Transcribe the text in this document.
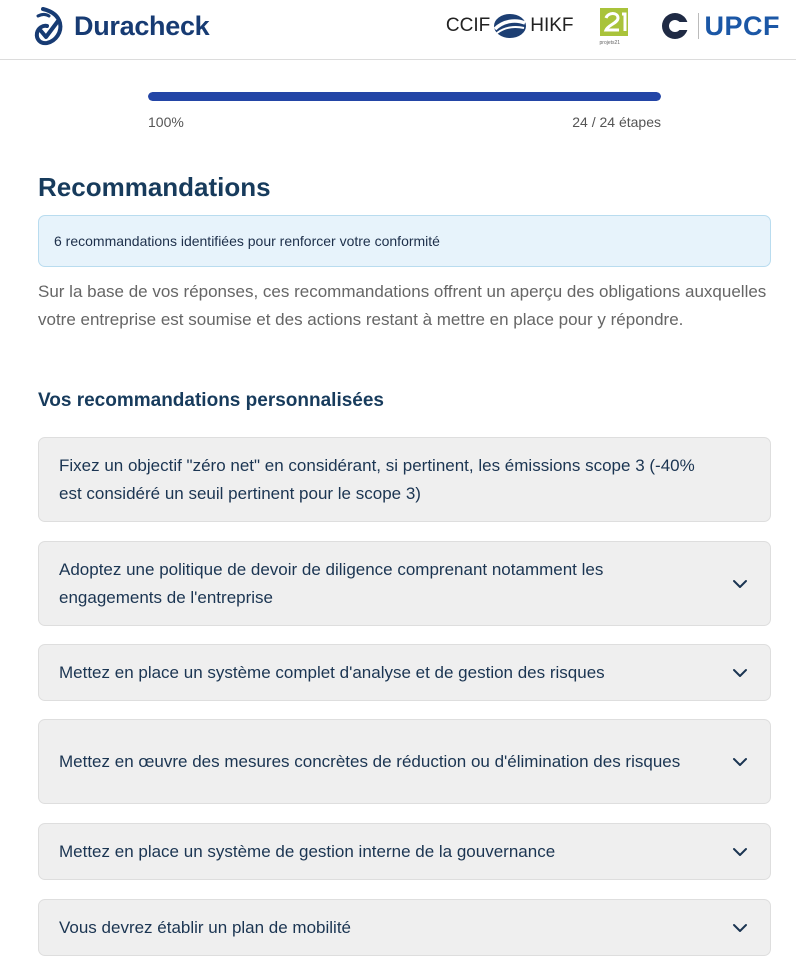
Duracheck	CCIF HIKF
projets21
UPCF
100%	24 / 24 étapes
Recommandations
6 recommandations identifiées pour renforcer votre conformité

Sur la base de vos réponses, ces recommandations offrent un aperçu des obligations auxquelles votre entreprise est soumise et des actions restant à mettre en place pour y répondre.

Vos recommandations personnalisées
Fixez un objectif "zéro net" en considérant, si pertinent, les émissions scope 3 (-40% est considéré un seuil pertinent pour le scope 3)
Adoptez une politique de devoir de diligence comprenant notamment les engagements de l'entreprise
Mettez en place un système complet d'analyse et de gestion des risques
Mettez en œuvre des mesures concrètes de réduction ou d'élimination des risques
Mettez en place un système de gestion interne de la gouvernance
Vous devrez établir un plan de mobilité
